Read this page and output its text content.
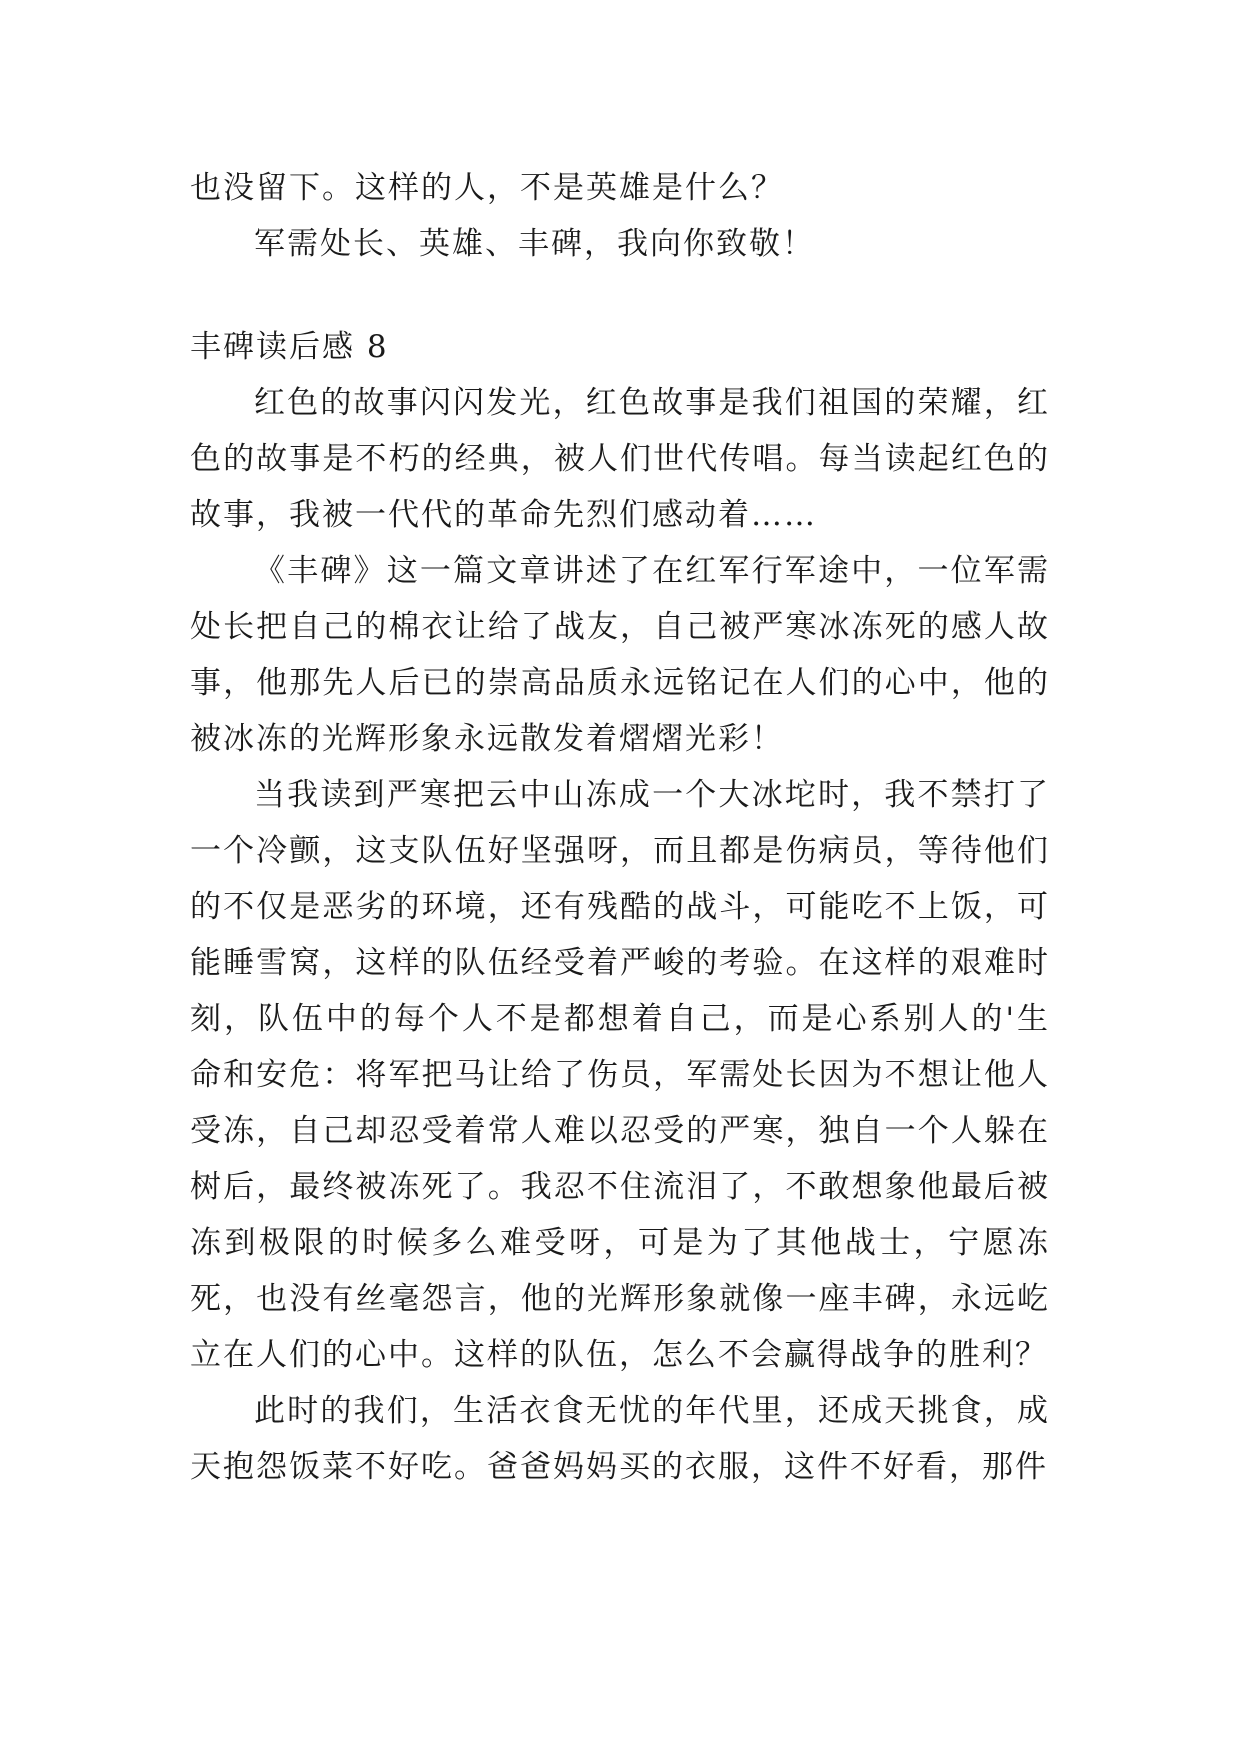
也没留下。这样的人，不是英雄是什么？

军需处长、英雄、丰碑，我向你致敬！

丰碑读后感 8

红色的故事闪闪发光，红色故事是我们祖国的荣耀，红色的故事是不朽的经典，被人们世代传唱。每当读起红色的故事，我被一代代的革命先烈们感动着……

《丰碑》这一篇文章讲述了在红军行军途中，一位军需处长把自己的棉衣让给了战友，自己被严寒冰冻死的感人故事，他那先人后已的崇高品质永远铭记在人们的心中，他的被冰冻的光辉形象永远散发着熠熠光彩！

当我读到严寒把云中山冻成一个大冰坨时，我不禁打了一个冷颤，这支队伍好坚强呀，而且都是伤病员，等待他们的不仅是恶劣的环境，还有残酷的战斗，可能吃不上饭，可能睡雪窝，这样的队伍经受着严峻的考验。在这样的艰难时刻，队伍中的每个人不是都想着自己，而是心系别人的'生命和安危：将军把马让给了伤员，军需处长因为不想让他人受冻，自己却忍受着常人难以忍受的严寒，独自一个人躲在树后，最终被冻死了。我忍不住流泪了，不敢想象他最后被冻到极限的时候多么难受呀，可是为了其他战士，宁愿冻死，也没有丝毫怨言，他的光辉形象就像一座丰碑，永远屹立在人们的心中。这样的队伍，怎么不会赢得战争的胜利？

此时的我们，生活衣食无忧的年代里，还成天挑食，成天抱怨饭菜不好吃。爸爸妈妈买的衣服，这件不好看，那件
